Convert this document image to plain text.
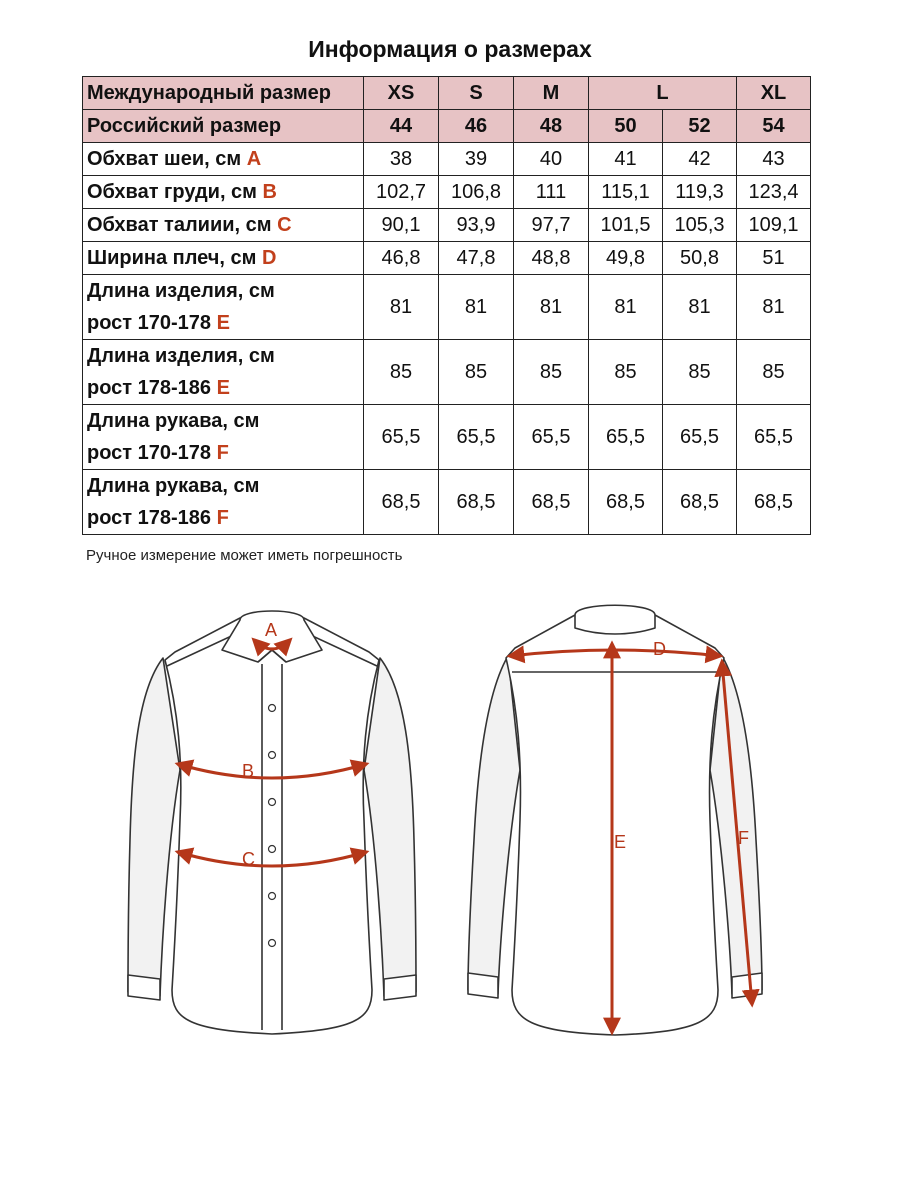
Информация о размерах
Международный размер	XS	S	M	L		XL
Российский размер	44	46	48	50	52	54
Обхват шеи, см A	38	39	40	41	42	43
Обхват груди, см B	102,7	106,8	111	115,1	119,3	123,4
Обхват талиии, см C	90,1	93,9	97,7	101,5	105,3	109,1
Ширина плеч, см D	46,8	47,8	48,8	49,8	50,8	51
Длина изделия, см
рост 170-178 E	81	81	81	81	81	81
Длина изделия, см
рост 178-186 E	85	85	85	85	85	85
Длина рукава, см
рост 170-178 F	65,5	65,5	65,5	65,5	65,5	65,5
Длина рукава, см
рост 178-186 F	68,5	68,5	68,5	68,5	68,5	68,5
Ручное измерение может иметь погрешность
A
B
C
D
E	F
